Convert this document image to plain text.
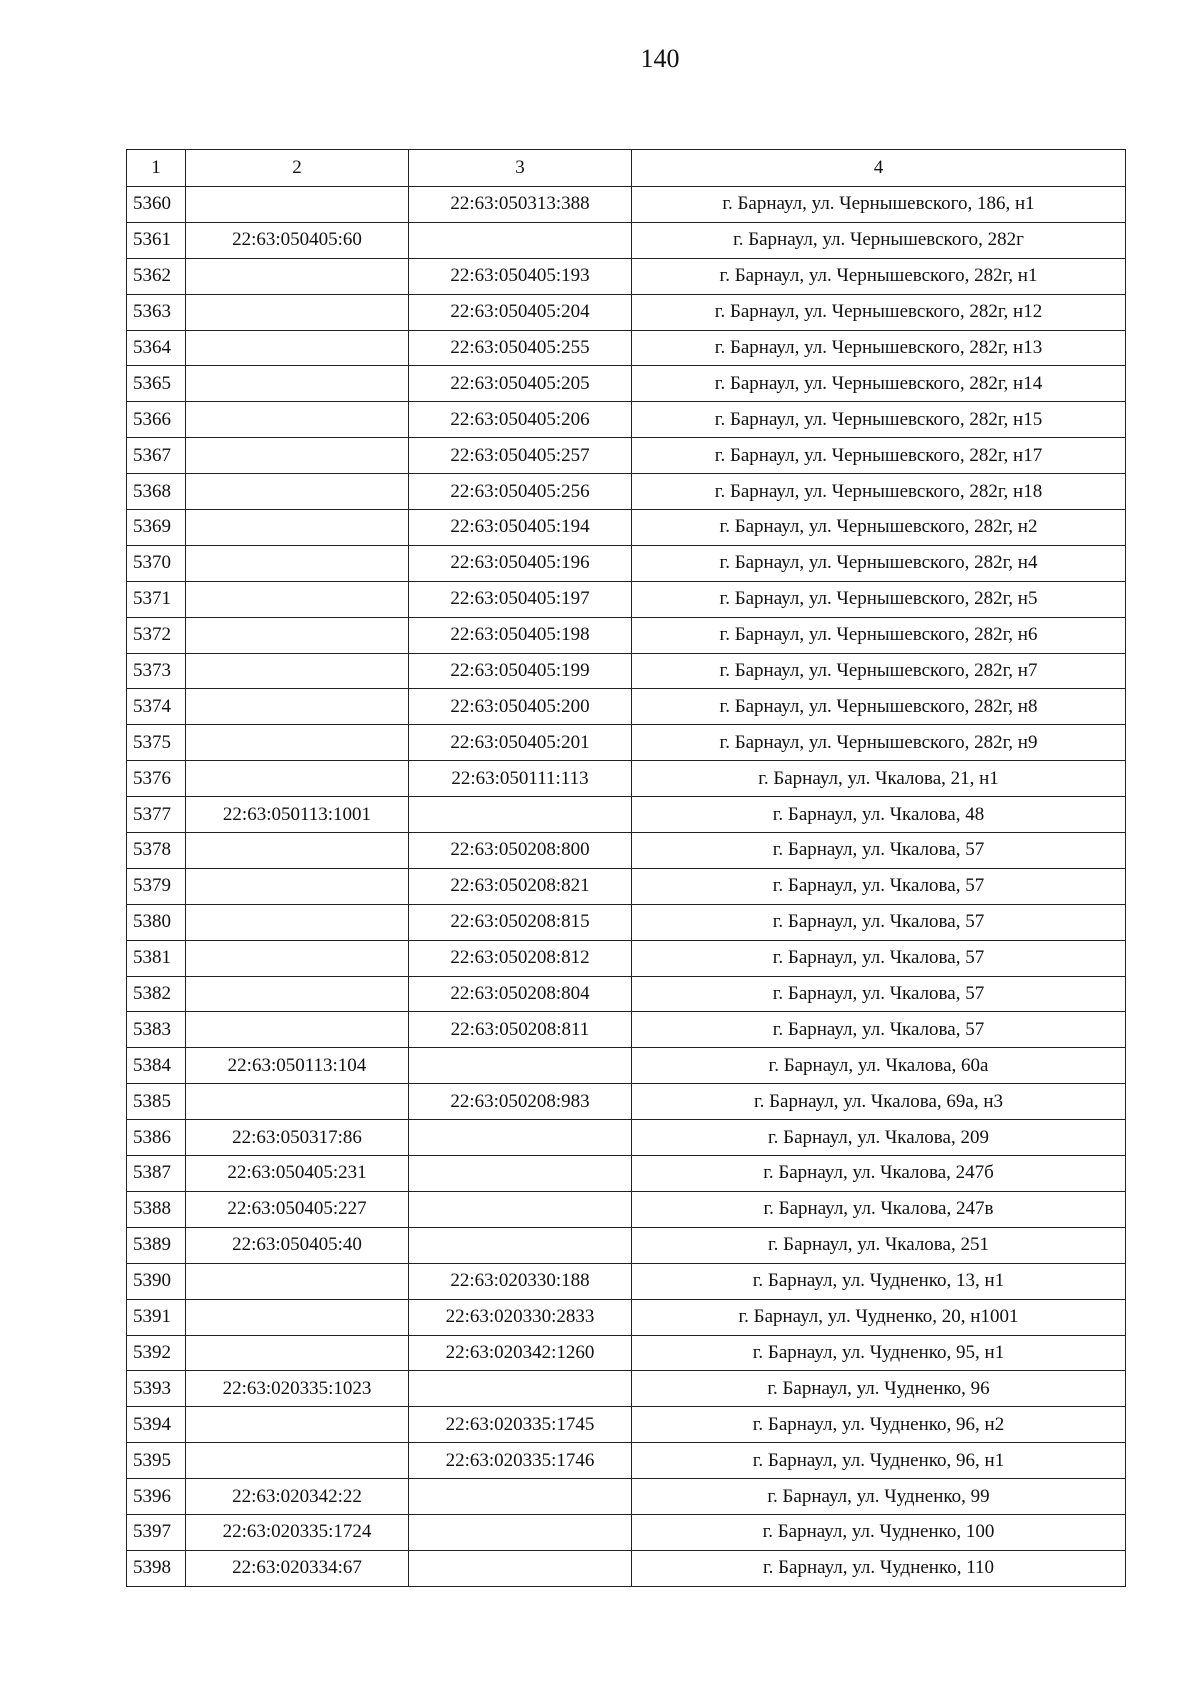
140
1	2	3	4
5360		22:63:050313:388	г. Барнаул, ул. Чернышевского, 186, н1
5361	22:63:050405:60		г. Барнаул, ул. Чернышевского, 282г
5362		22:63:050405:193	г. Барнаул, ул. Чернышевского, 282г, н1
5363		22:63:050405:204	г. Барнаул, ул. Чернышевского, 282г, н12
5364		22:63:050405:255	г. Барнаул, ул. Чернышевского, 282г, н13
5365		22:63:050405:205	г. Барнаул, ул. Чернышевского, 282г, н14
5366		22:63:050405:206	г. Барнаул, ул. Чернышевского, 282г, н15
5367		22:63:050405:257	г. Барнаул, ул. Чернышевского, 282г, н17
5368		22:63:050405:256	г. Барнаул, ул. Чернышевского, 282г, н18
5369		22:63:050405:194	г. Барнаул, ул. Чернышевского, 282г, н2
5370		22:63:050405:196	г. Барнаул, ул. Чернышевского, 282г, н4
5371		22:63:050405:197	г. Барнаул, ул. Чернышевского, 282г, н5
5372		22:63:050405:198	г. Барнаул, ул. Чернышевского, 282г, н6
5373		22:63:050405:199	г. Барнаул, ул. Чернышевского, 282г, н7
5374		22:63:050405:200	г. Барнаул, ул. Чернышевского, 282г, н8
5375		22:63:050405:201	г. Барнаул, ул. Чернышевского, 282г, н9
5376		22:63:050111:113	г. Барнаул, ул. Чкалова, 21, н1
5377	22:63:050113:1001		г. Барнаул, ул. Чкалова, 48
5378		22:63:050208:800	г. Барнаул, ул. Чкалова, 57
5379		22:63:050208:821	г. Барнаул, ул. Чкалова, 57
5380		22:63:050208:815	г. Барнаул, ул. Чкалова, 57
5381		22:63:050208:812	г. Барнаул, ул. Чкалова, 57
5382		22:63:050208:804	г. Барнаул, ул. Чкалова, 57
5383		22:63:050208:811	г. Барнаул, ул. Чкалова, 57
5384	22:63:050113:104		г. Барнаул, ул. Чкалова, 60а
5385		22:63:050208:983	г. Барнаул, ул. Чкалова, 69а, н3
5386	22:63:050317:86		г. Барнаул, ул. Чкалова, 209
5387	22:63:050405:231		г. Барнаул, ул. Чкалова, 247б
5388	22:63:050405:227		г. Барнаул, ул. Чкалова, 247в
5389	22:63:050405:40		г. Барнаул, ул. Чкалова, 251
5390		22:63:020330:188	г. Барнаул, ул. Чудненко, 13, н1
5391		22:63:020330:2833	г. Барнаул, ул. Чудненко, 20, н1001
5392		22:63:020342:1260	г. Барнаул, ул. Чудненко, 95, н1
5393	22:63:020335:1023		г. Барнаул, ул. Чудненко, 96
5394		22:63:020335:1745	г. Барнаул, ул. Чудненко, 96, н2
5395		22:63:020335:1746	г. Барнаул, ул. Чудненко, 96, н1
5396	22:63:020342:22		г. Барнаул, ул. Чудненко, 99
5397	22:63:020335:1724		г. Барнаул, ул. Чудненко, 100
5398	22:63:020334:67		г. Барнаул, ул. Чудненко, 110
